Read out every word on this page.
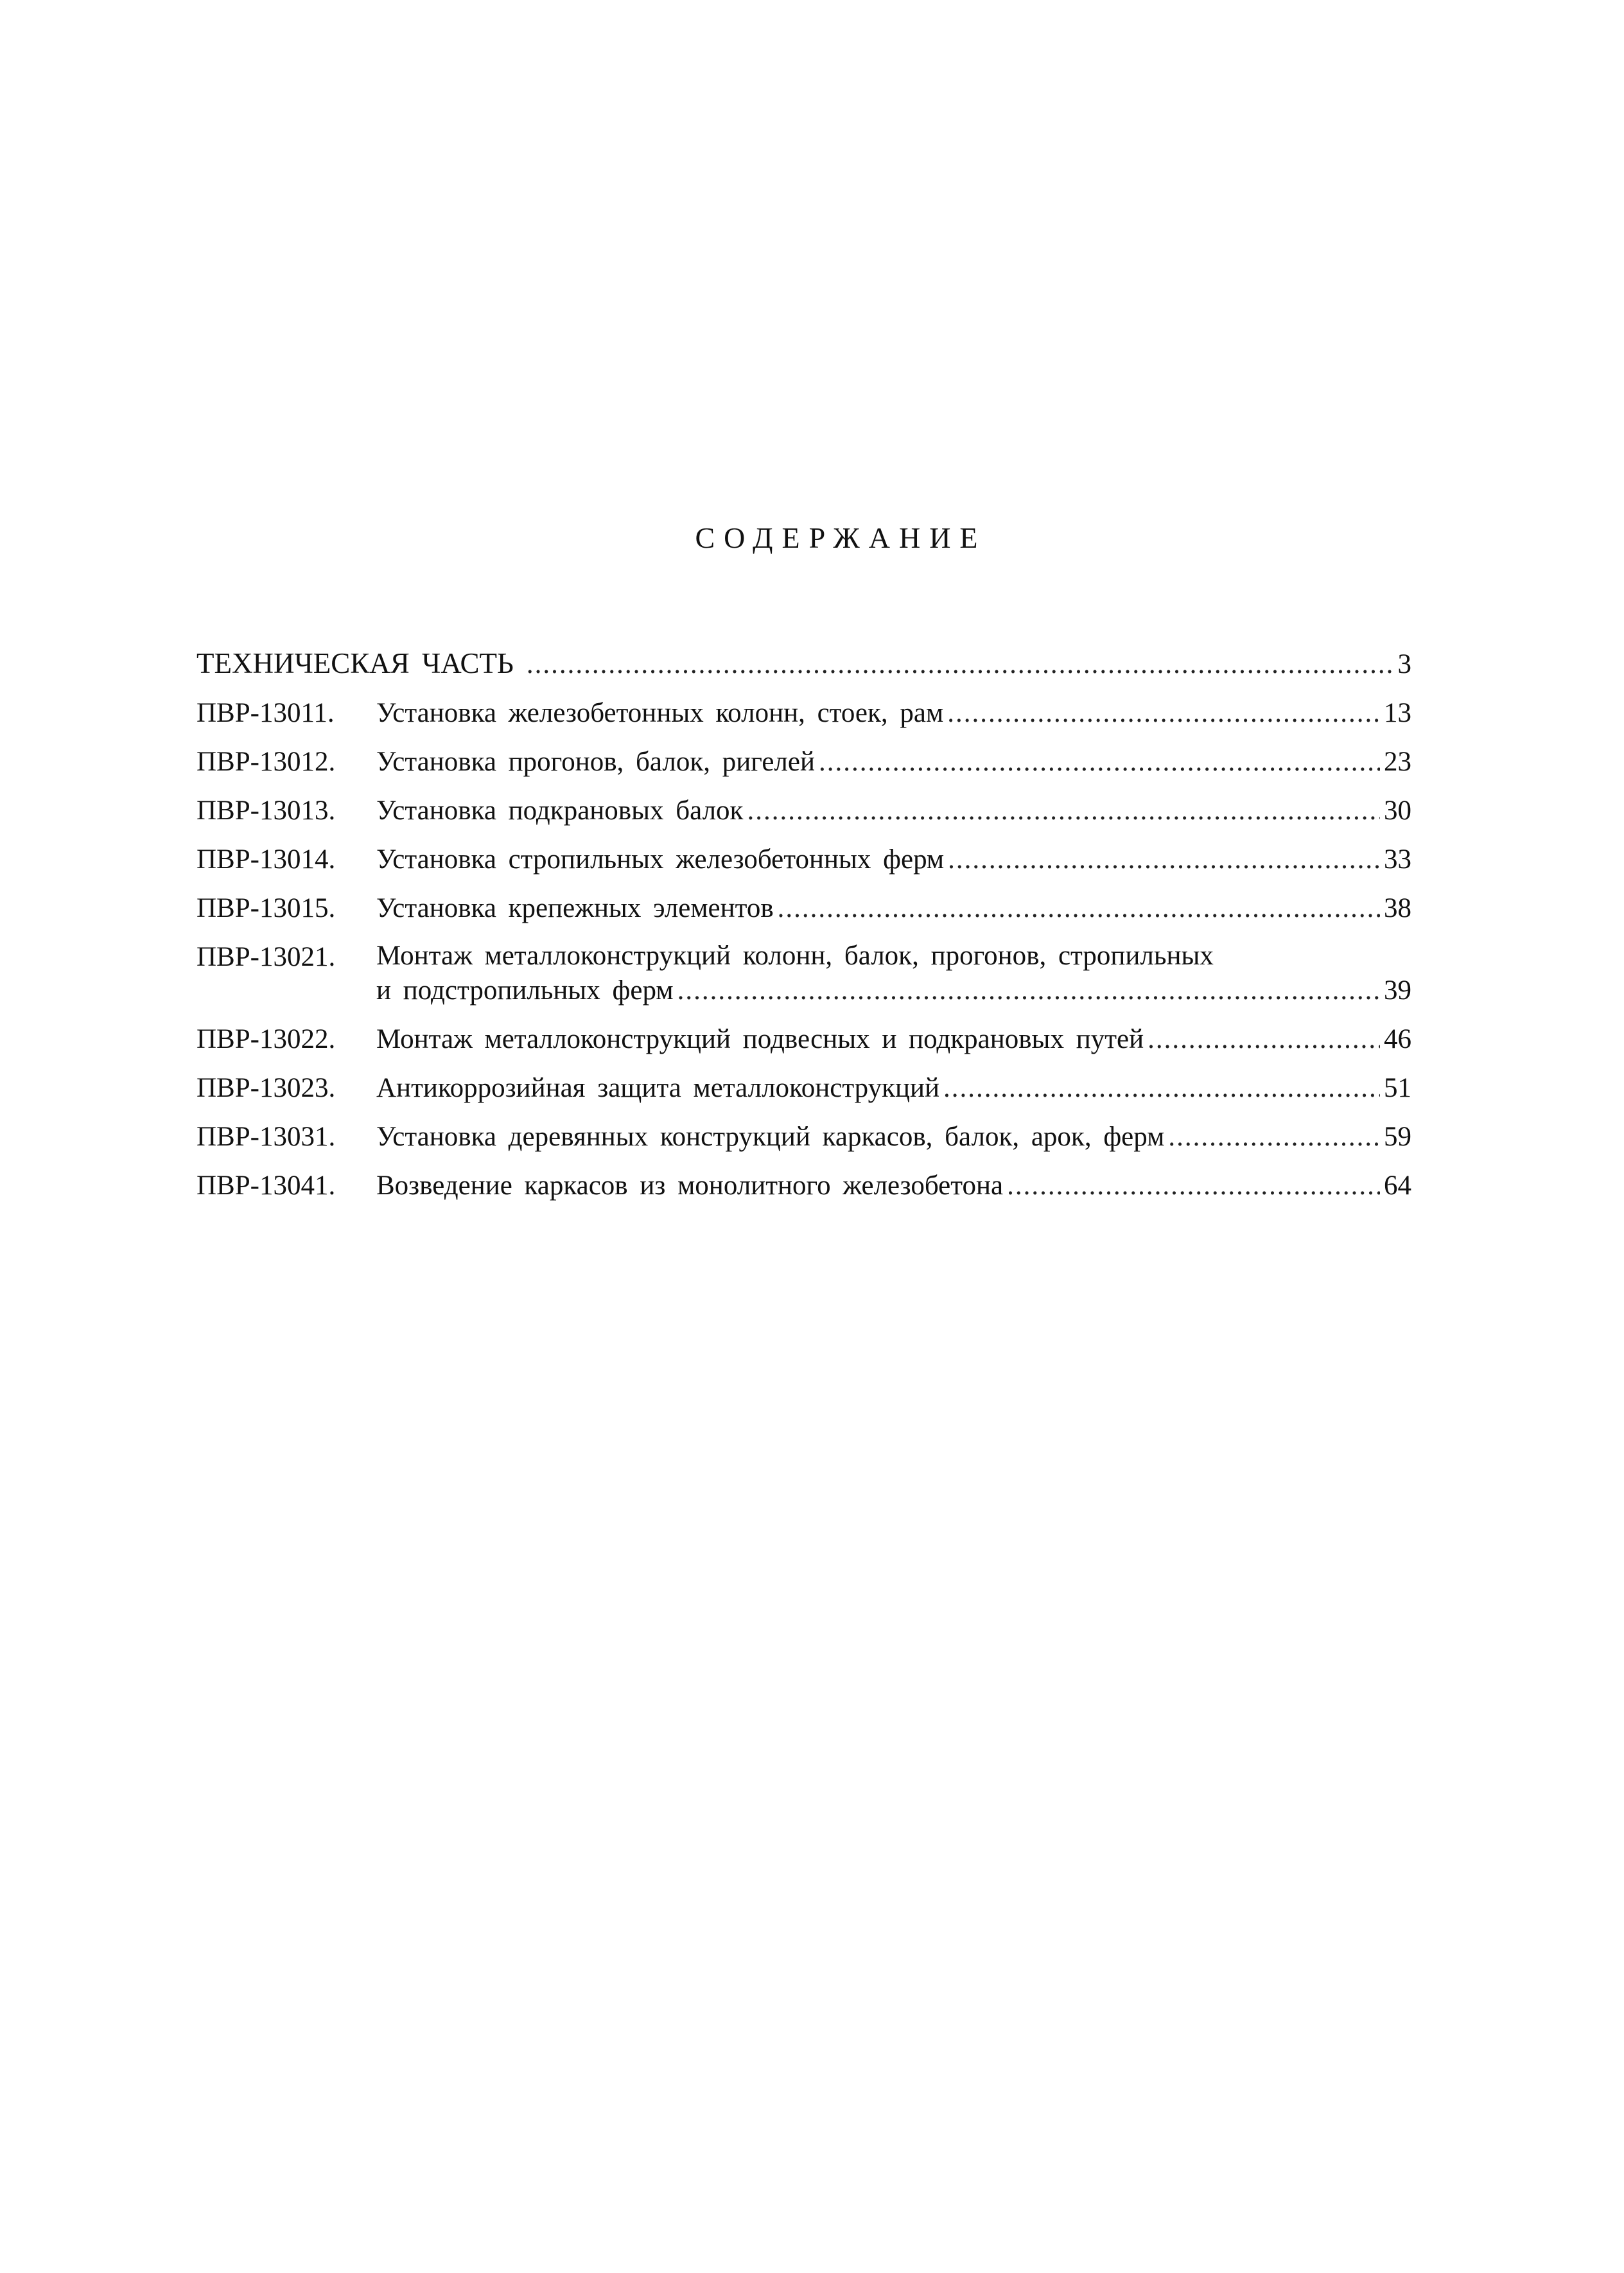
СОДЕРЖАНИЕ
ТЕХНИЧЕСКАЯ ЧАСТЬ .....	3
ПВР-13011.	Установка железобетонных колонн, стоек, рам .....	13
ПВР-13012.	Установка прогонов, балок, ригелей .....	23
ПВР-13013.	Установка подкрановых балок .....	30
ПВР-13014.	Установка стропильных железобетонных ферм .....	33
ПВР-13015.	Установка крепежных элементов .....	38
ПВР-13021.	Монтаж металлоконструкций колонн, балок, прогонов, стропильных
и подстропильных ферм .....	39
ПВР-13022.	Монтаж металлоконструкций подвесных и подкрановых путей .....	46
ПВР-13023.	Антикоррозийная защита металлоконструкций .....	51
ПВР-13031.	Установка деревянных конструкций каркасов, балок, арок, ферм .....	59
ПВР-13041.	Возведение каркасов из монолитного железобетона .....	64
